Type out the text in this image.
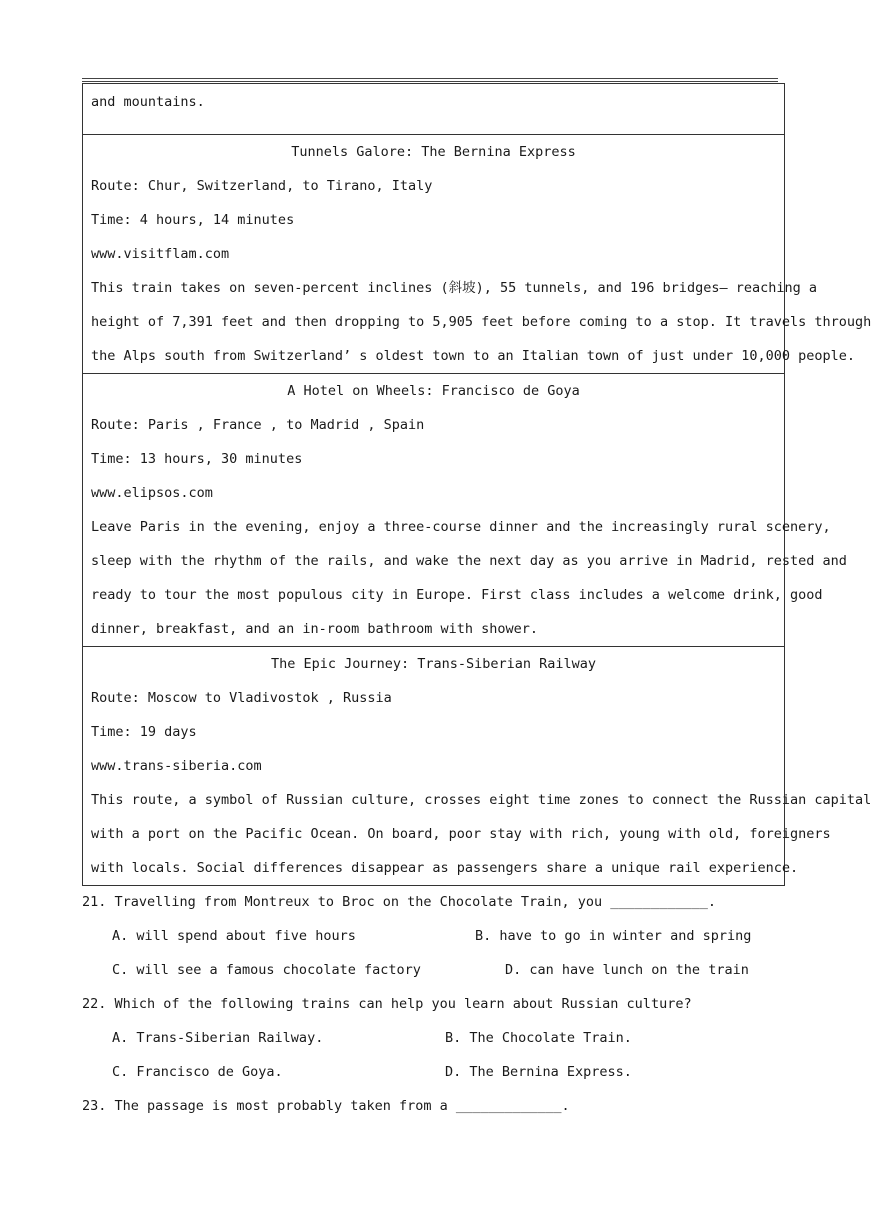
and mountains.
Tunnels Galore: The Bernina Express
Route: Chur, Switzerland, to Tirano, Italy
Time: 4 hours, 14 minutes
www.visitflam.com
This train takes on seven-percent inclines (斜坡), 55 tunnels, and 196 bridges— reaching a
height of 7,391 feet and then dropping to 5,905 feet before coming to a stop. It travels through
the Alps south from Switzerland’ s oldest town to an Italian town of just under 10,000 people.
A Hotel on Wheels: Francisco de Goya
Route: Paris , France , to Madrid , Spain
Time: 13 hours, 30 minutes
www.elipsos.com
Leave Paris in the evening, enjoy a three-course dinner and the increasingly rural scenery,
sleep with the rhythm of the rails, and wake the next day as you arrive in Madrid, rested and
ready to tour the most populous city in Europe. First class includes a welcome drink, good
dinner, breakfast, and an in-room bathroom with shower.
The Epic Journey: Trans-Siberian Railway
Route: Moscow to Vladivostok , Russia
Time: 19 days
www.trans-siberia.com
This route, a symbol of Russian culture, crosses eight time zones to connect the Russian capital
with a port on the Pacific Ocean. On board, poor stay with rich, young with old, foreigners
with locals. Social differences disappear as passengers share a unique rail experience.
21. Travelling from Montreux to Broc on the Chocolate Train, you ____________.
A. will spend about five hours	B. have to go in winter and spring
C. will see a famous chocolate factory	D. can have lunch on the train
22. Which of the following trains can help you learn about Russian culture?
A. Trans-Siberian Railway.	B. The Chocolate Train.
C. Francisco de Goya.	D. The Bernina Express.
23. The passage is most probably taken from a _____________.
